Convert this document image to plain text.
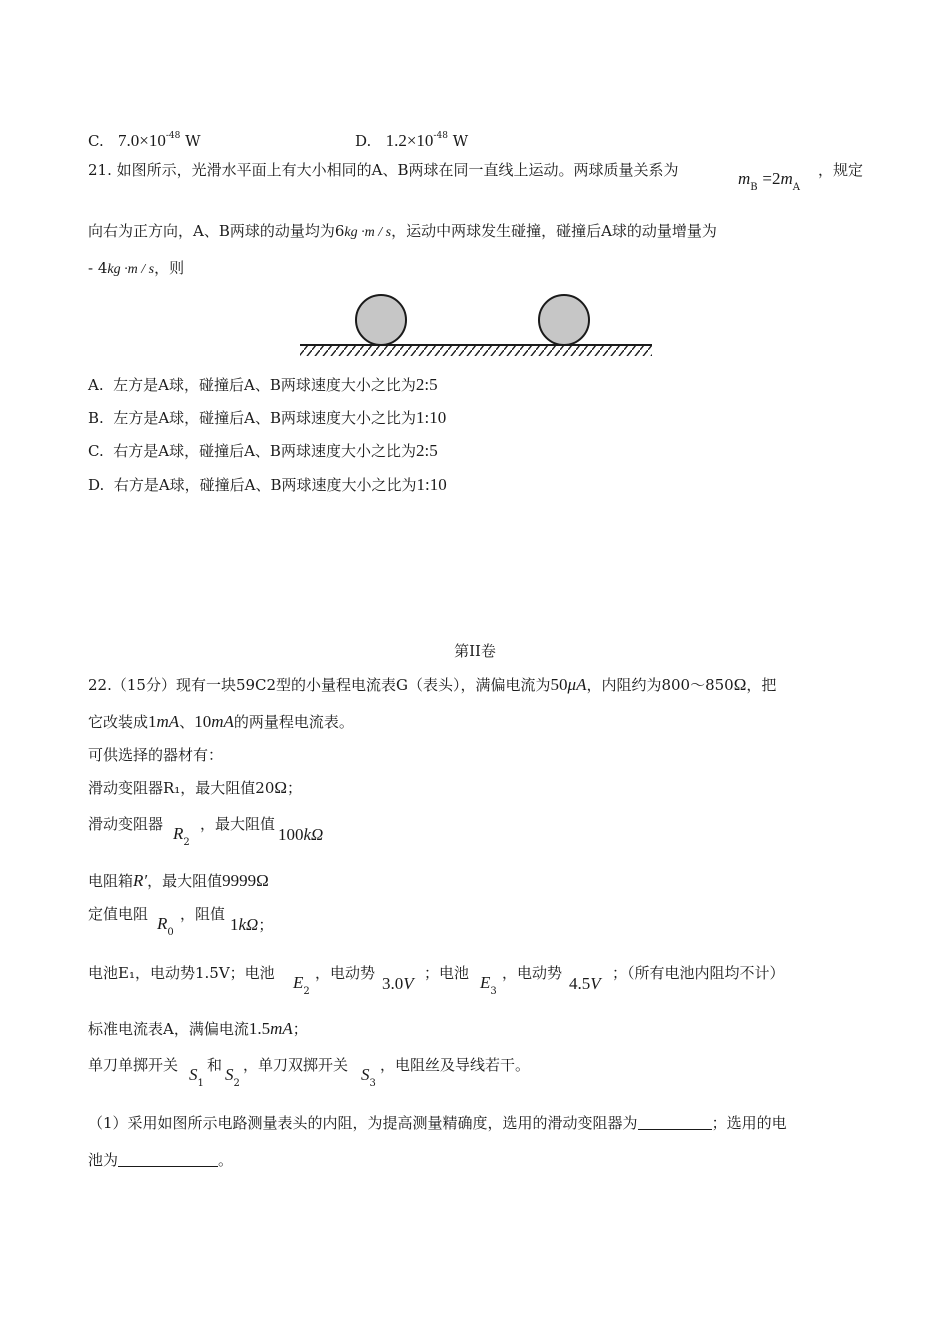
C. $7.0\times 10^{-48}$ W	D. $1.2\times 10^{-48}$ W
21. 如图所示，光滑水平面上有大小相同的A、B两球在同一直线上运动。两球质量关系为	$m_B =2m_A$
，规定
向右为正方向，A、B两球的动量均为6kg ·m / s，运动中两球发生碰撞，碰撞后A球的动量增量为
- 4kg ·m / s，则
A. 左方是A球，碰撞后A、B两球速度大小之比为2:5
B. 左方是A球，碰撞后A、B两球速度大小之比为1:10
C. 右方是A球，碰撞后A、B两球速度大小之比为2:5
D. 右方是A球，碰撞后A、B两球速度大小之比为1:10
第II卷
22.（15分）现有一块59C2型的小量程电流表G（表头），满偏电流为50μA，内阻约为800～850Ω，把
它改装成1mA、10mA的两量程电流表。
可供选择的器材有：
滑动变阻器R₁，最大阻值20Ω；
滑动变阻器 $R_2$
，最大阻值
100kΩ
电阻箱R′，最大阻值9999Ω
定值电阻 $R_0$
，阻值
1kΩ；
电池E₁，电动势1.5V；电池 $E_2$
，电动势
3.0V
；电池 $E_3$
，电动势
4.5V
；（所有电池内阻均不计）
标准电流表A，满偏电流1.5mA；
单刀单掷开关 $S_1$
和 $S_2$
，单刀双掷开关 $S_3$
，电阻丝及导线若干。
（1）采用如图所示电路测量表头的内阻，为提高测量精确度，选用的滑动变阻器为	；选用的电
池为	。
